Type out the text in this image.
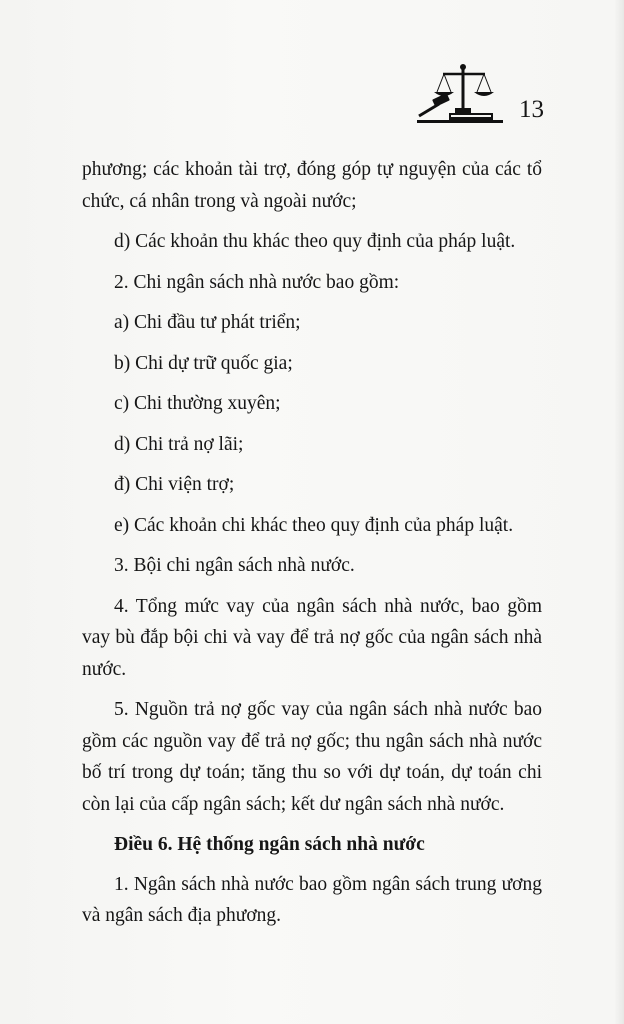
13

phương; các khoản tài trợ, đóng góp tự nguyện của các tổ chức, cá nhân trong và ngoài nước;

d) Các khoản thu khác theo quy định của pháp luật.

2. Chi ngân sách nhà nước bao gồm:

a) Chi đầu tư phát triển;

b) Chi dự trữ quốc gia;

c) Chi thường xuyên;

d) Chi trả nợ lãi;

đ) Chi viện trợ;

e) Các khoản chi khác theo quy định của pháp luật.

3. Bội chi ngân sách nhà nước.

4. Tổng mức vay của ngân sách nhà nước, bao gồm vay bù đắp bội chi và vay để trả nợ gốc của ngân sách nhà nước.

5. Nguồn trả nợ gốc vay của ngân sách nhà nước bao gồm các nguồn vay để trả nợ gốc; thu ngân sách nhà nước bố trí trong dự toán; tăng thu so với dự toán, dự toán chi còn lại của cấp ngân sách; kết dư ngân sách nhà nước.

Điều 6. Hệ thống ngân sách nhà nước

1. Ngân sách nhà nước bao gồm ngân sách trung ương và ngân sách địa phương.
